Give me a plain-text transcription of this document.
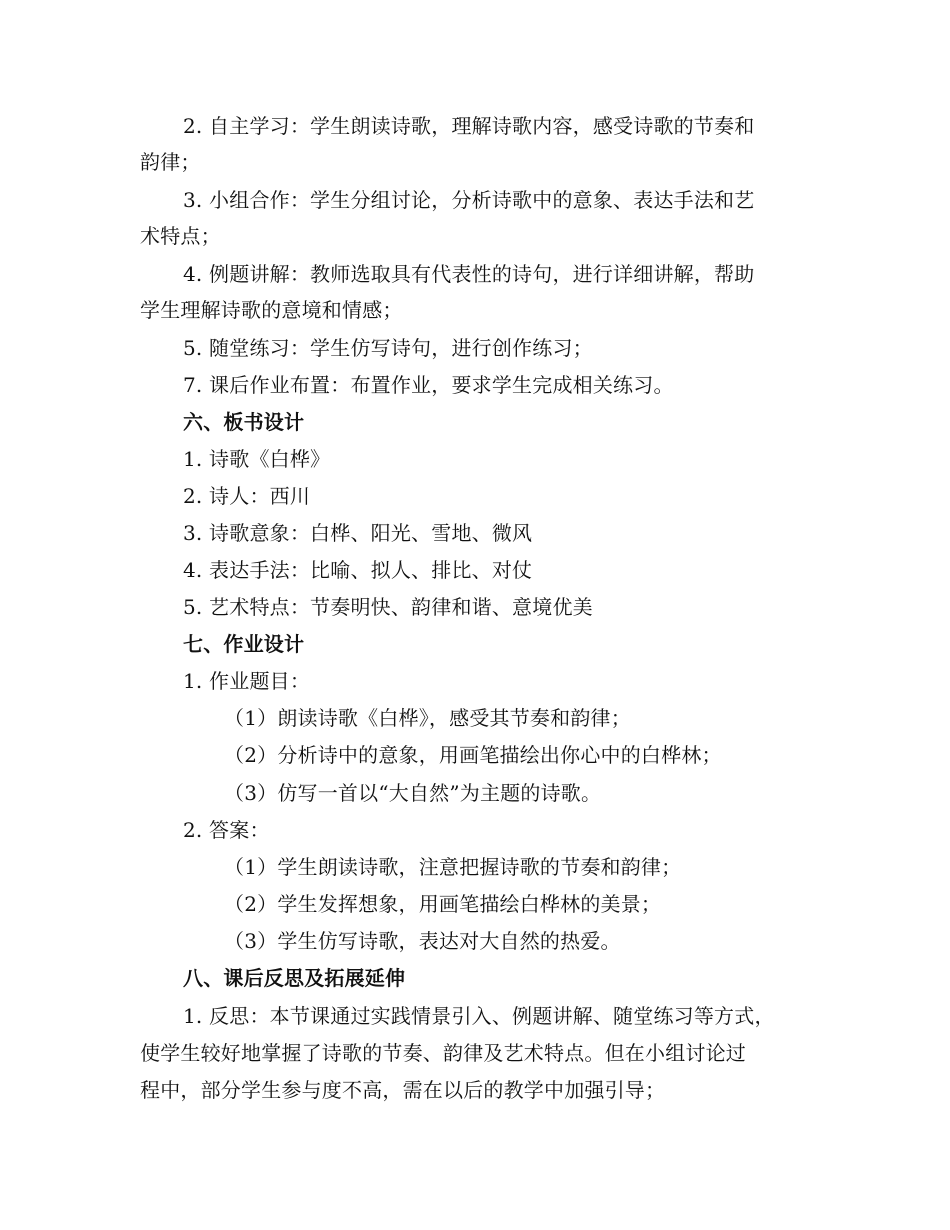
2. 自主学习：学生朗读诗歌，理解诗歌内容，感受诗歌的节奏和
韵律；
3. 小组合作：学生分组讨论，分析诗歌中的意象、表达手法和艺
术特点；
4. 例题讲解：教师选取具有代表性的诗句，进行详细讲解，帮助
学生理解诗歌的意境和情感；
5. 随堂练习：学生仿写诗句，进行创作练习；
7. 课后作业布置：布置作业，要求学生完成相关练习。
六、板书设计
1. 诗歌《白桦》
2. 诗人：西川
3. 诗歌意象：白桦、阳光、雪地、微风
4. 表达手法：比喻、拟人、排比、对仗
5. 艺术特点：节奏明快、韵律和谐、意境优美
七、作业设计
1. 作业题目：
（1）朗读诗歌《白桦》，感受其节奏和韵律；
（2）分析诗中的意象，用画笔描绘出你心中的白桦林；
（3）仿写一首以“大自然”为主题的诗歌。
2. 答案：
（1）学生朗读诗歌，注意把握诗歌的节奏和韵律；
（2）学生发挥想象，用画笔描绘白桦林的美景；
（3）学生仿写诗歌，表达对大自然的热爱。
八、课后反思及拓展延伸
1. 反思：本节课通过实践情景引入、例题讲解、随堂练习等方式，
使学生较好地掌握了诗歌的节奏、韵律及艺术特点。但在小组讨论过
程中，部分学生参与度不高，需在以后的教学中加强引导；
